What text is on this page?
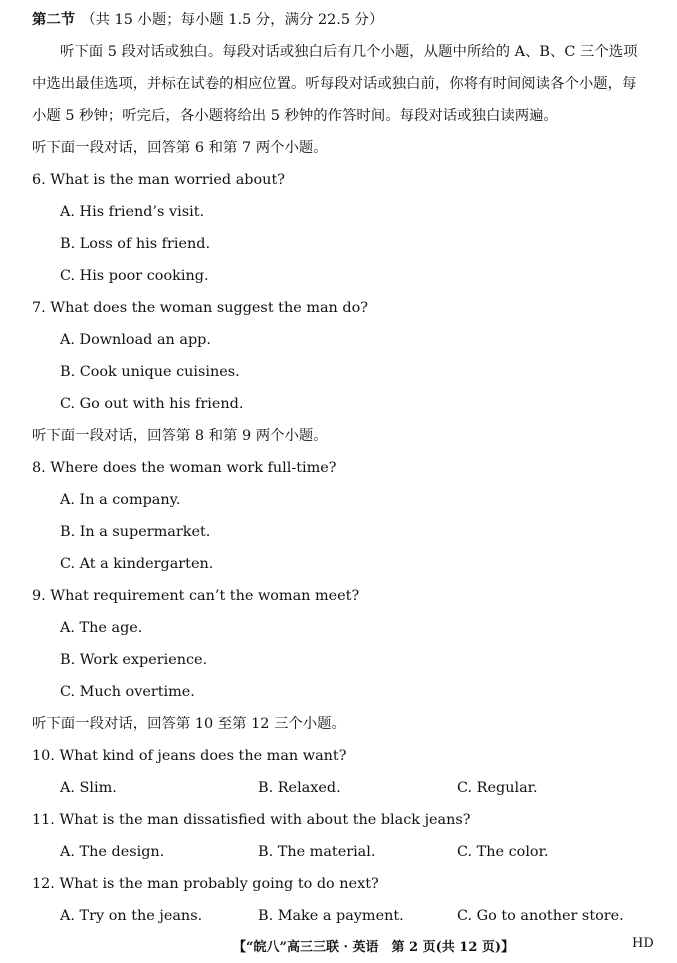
第二节 （共 15 小题；每小题 1.5 分，满分 22.5 分）
听下面 5 段对话或独白。每段对话或独白后有几个小题，从题中所给的 A、B、C 三个选项
中选出最佳选项，并标在试卷的相应位置。听每段对话或独白前，你将有时间阅读各个小题，每
小题 5 秒钟；听完后，各小题将给出 5 秒钟的作答时间。每段对话或独白读两遍。
听下面一段对话，回答第 6 和第 7 两个小题。
6. What is the man worried about?
A. His friend’s visit.
B. Loss of his friend.
C. His poor cooking.
7. What does the woman suggest the man do?
A. Download an app.
B. Cook unique cuisines.
C. Go out with his friend.
听下面一段对话，回答第 8 和第 9 两个小题。
8. Where does the woman work full-time?
A. In a company.
B. In a supermarket.
C. At a kindergarten.
9. What requirement can’t the woman meet?
A. The age.
B. Work experience.
C. Much overtime.
听下面一段对话，回答第 10 至第 12 三个小题。
10. What kind of jeans does the man want?
A. Slim.	B. Relaxed.	C. Regular.
11. What is the man dissatisfied with about the black jeans?
A. The design.	B. The material.	C. The color.
12. What is the man probably going to do next?
A. Try on the jeans.	B. Make a payment.	C. Go to another store.
【“皖八”高三三联 · 英语　第 2 页(共 12 页)】	HD
